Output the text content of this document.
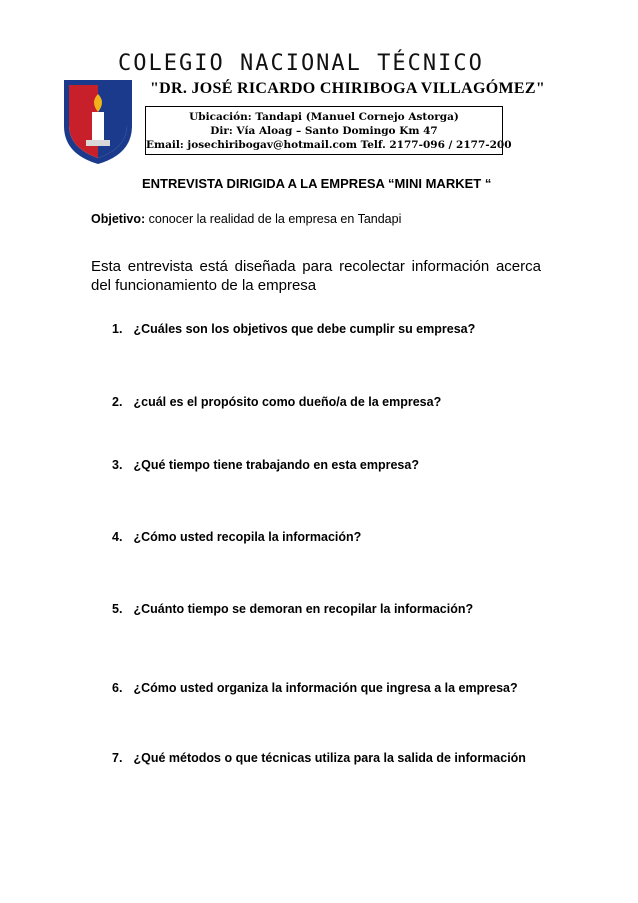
COLEGIO NACIONAL TÉCNICO
"DR. JOSÉ RICARDO CHIRIBOGA VILLAGÓMEZ"
Ubicación: Tandapi (Manuel Cornejo Astorga)
Dir: Vía Aloag – Santo Domingo Km 47
Email: josechiribogav@hotmail.com Telf. 2177-096 / 2177-200
ENTREVISTA DIRIGIDA A LA EMPRESA “MINI MARKET “
Objetivo: conocer la realidad de la empresa en Tandapi
Esta entrevista está diseñada para recolectar información acerca del funcionamiento de la empresa
1. ¿Cuáles son los objetivos que debe cumplir su empresa?
2. ¿cuál es el propósito como dueño/a de la empresa?
3. ¿Qué tiempo tiene trabajando en esta empresa?
4. ¿Cómo usted recopila la información?
5. ¿Cuánto tiempo se demoran en recopilar la información?
6. ¿Cómo usted organiza la información que ingresa a la empresa?
7. ¿Qué métodos o que técnicas utiliza para la salida de información
